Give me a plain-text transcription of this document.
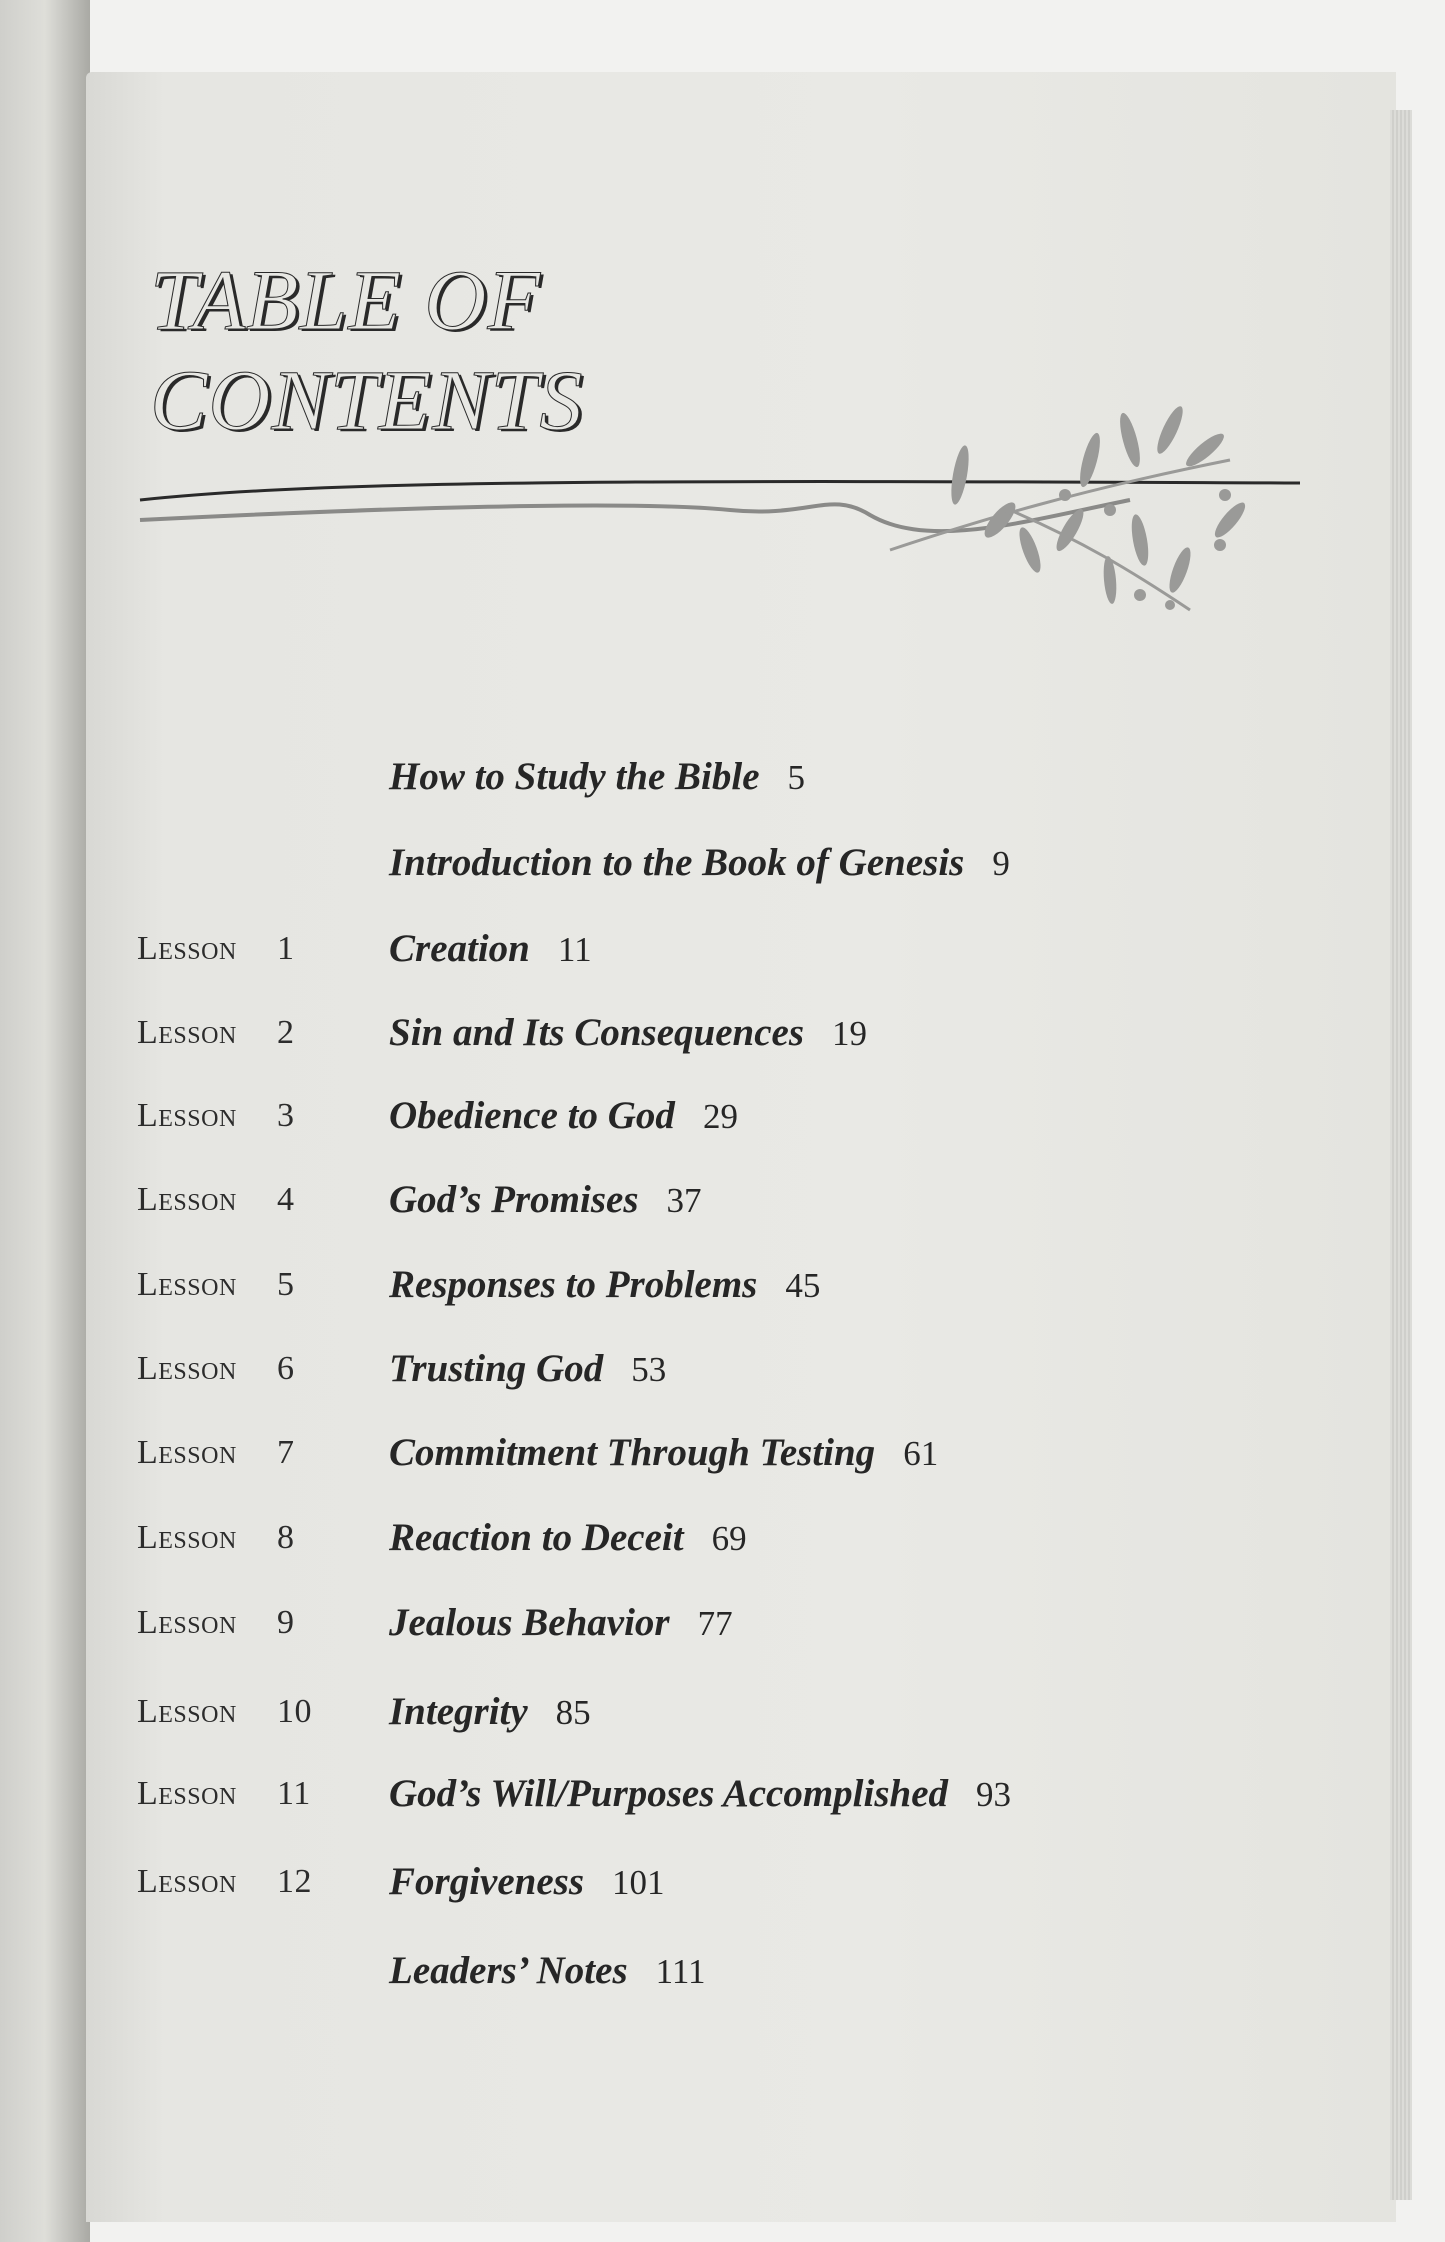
TABLE OF
CONTENTS
How to Study the Bible 5
Introduction to the Book of Genesis 9
Lesson 1	Creation 11
Lesson 2	Sin and Its Consequences 19
Lesson 3	Obedience to God 29
Lesson 4	God’s Promises 37
Lesson 5	Responses to Problems 45
Lesson 6	Trusting God 53
Lesson 7	Commitment Through Testing 61
Lesson 8	Reaction to Deceit 69
Lesson 9	Jealous Behavior 77
Lesson 10	Integrity 85
Lesson 11	God’s Will/Purposes Accomplished 93
Lesson 12	Forgiveness 101
Leaders’ Notes 111
